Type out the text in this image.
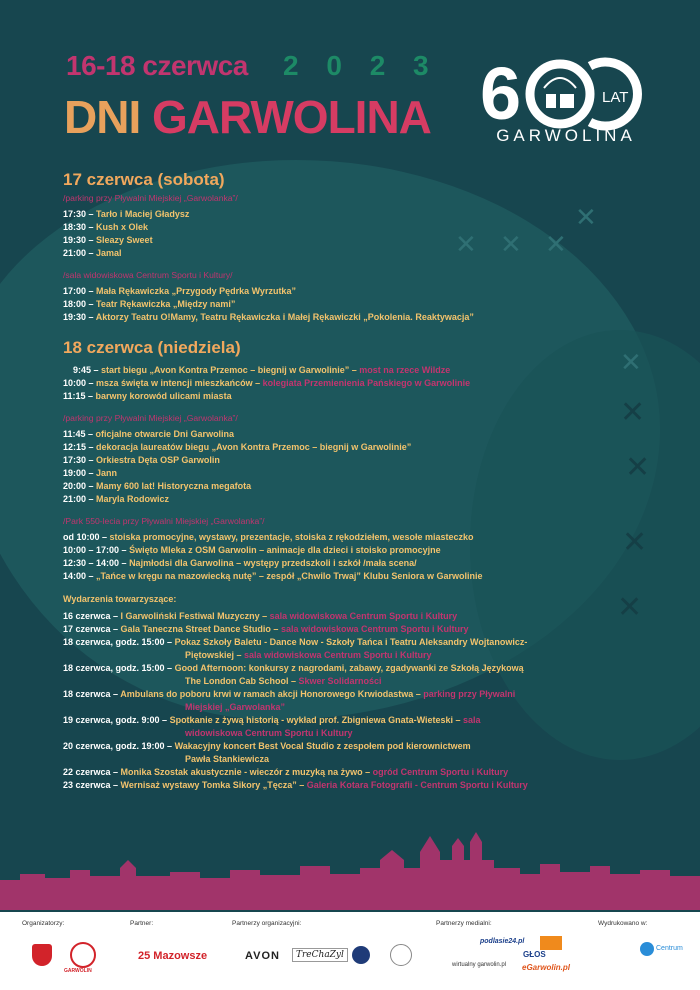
✕ ✕ ✕
✕
✕
✕
✕
✕
✕
16-18 czerwca 2 0 2 3
DNI GARWOLINA 6	LAT
GARWOLINA
17 czerwca (sobota)
/parking przy Pływalni Miejskiej „Garwolanka”/
17:30 – Tarło i Maciej Gładysz
18:30 – Kush x Olek
19:30 – Sleazy Sweet
21:00 – Jamal
/sala widowiskowa Centrum Sportu i Kultury/
17:00 – Mała Rękawiczka „Przygody Pędrka Wyrzutka”
18:00 – Teatr Rękawiczka „Między nami”
19:30 – Aktorzy Teatru O!Mamy, Teatru Rękawiczka i Małej Rękawiczki „Pokolenia. Reaktywacja”
18 czerwca (niedziela)
9:45 – start biegu „Avon Kontra Przemoc – biegnij w Garwolinie” – most na rzece Wildze
10:00 – msza święta w intencji mieszkańców – kolegiata Przemienienia Pańskiego w Garwolinie
11:15 – barwny korowód ulicami miasta
/parking przy Pływalni Miejskiej „Garwolanka”/
11:45 – oficjalne otwarcie Dni Garwolina
12:15 – dekoracja laureatów biegu „Avon Kontra Przemoc – biegnij w Garwolinie”
17:30 – Orkiestra Dęta OSP Garwolin
19:00 – Jann
20:00 – Mamy 600 lat! Historyczna megafota
21:00 – Maryla Rodowicz
/Park 550-lecia przy Pływalni Miejskiej „Garwolanka”/
od 10:00 – stoiska promocyjne, wystawy, prezentacje, stoiska z rękodziełem, wesołe miasteczko
10:00 – 17:00 – Święto Mleka z OSM Garwolin – animacje dla dzieci i stoisko promocyjne
12:30 – 14:00 – Najmłodsi dla Garwolina – występy przedszkoli i szkół /mała scena/
14:00 – „Tańce w kręgu na mazowiecką nutę” – zespół „Chwilo Trwaj” Klubu Seniora w Garwolinie
Wydarzenia towarzyszące:
16 czerwca – I Garwoliński Festiwal Muzyczny – sala widowiskowa Centrum Sportu i Kultury
17 czerwca – Gala Taneczna Street Dance Studio – sala widowiskowa Centrum Sportu i Kultury
18 czerwca, godz. 15:00 – Pokaz Szkoły Baletu - Dance Now - Szkoły Tańca i Teatru Aleksandry Wojtanowicz-
Piętowskiej – sala widowiskowa Centrum Sportu i Kultury
18 czerwca, godz. 15:00 – Good Afternoon: konkursy z nagrodami, zabawy, zgadywanki ze Szkołą Językową
The London Cab School – Skwer Solidarności
18 czerwca – Ambulans do poboru krwi w ramach akcji Honorowego Krwiodastwa – parking przy Pływalni
Miejskiej „Garwolanka”
19 czerwca, godz. 9:00 – Spotkanie z żywą historią - wykład prof. Zbigniewa Gnata-Wieteski – sala
widowiskowa Centrum Sportu i Kultury
20 czerwca, godz. 19:00 – Wakacyjny koncert Best Vocal Studio z zespołem pod kierownictwem
Pawła Stankiewicza
22 czerwca – Monika Szostak akustycznie - wieczór z muzyką na żywo – ogród Centrum Sportu i Kultury
23 czerwca – Wernisaż wystawy Tomka Sikory „Tęcza” – Galeria Kotara Fotografii - Centrum Sportu i Kultury
Organizatorzy:	Partner:	Partnerzy organizacyjni:	Partnerzy medialni:	Wydrukowano w:
GARWOLIN
25 Mazowsze	AVON	TreChaZyl
podlasie24.pl
wirtualny garwolin.pl
GŁOS
eGarwolin.pl
Centrum
